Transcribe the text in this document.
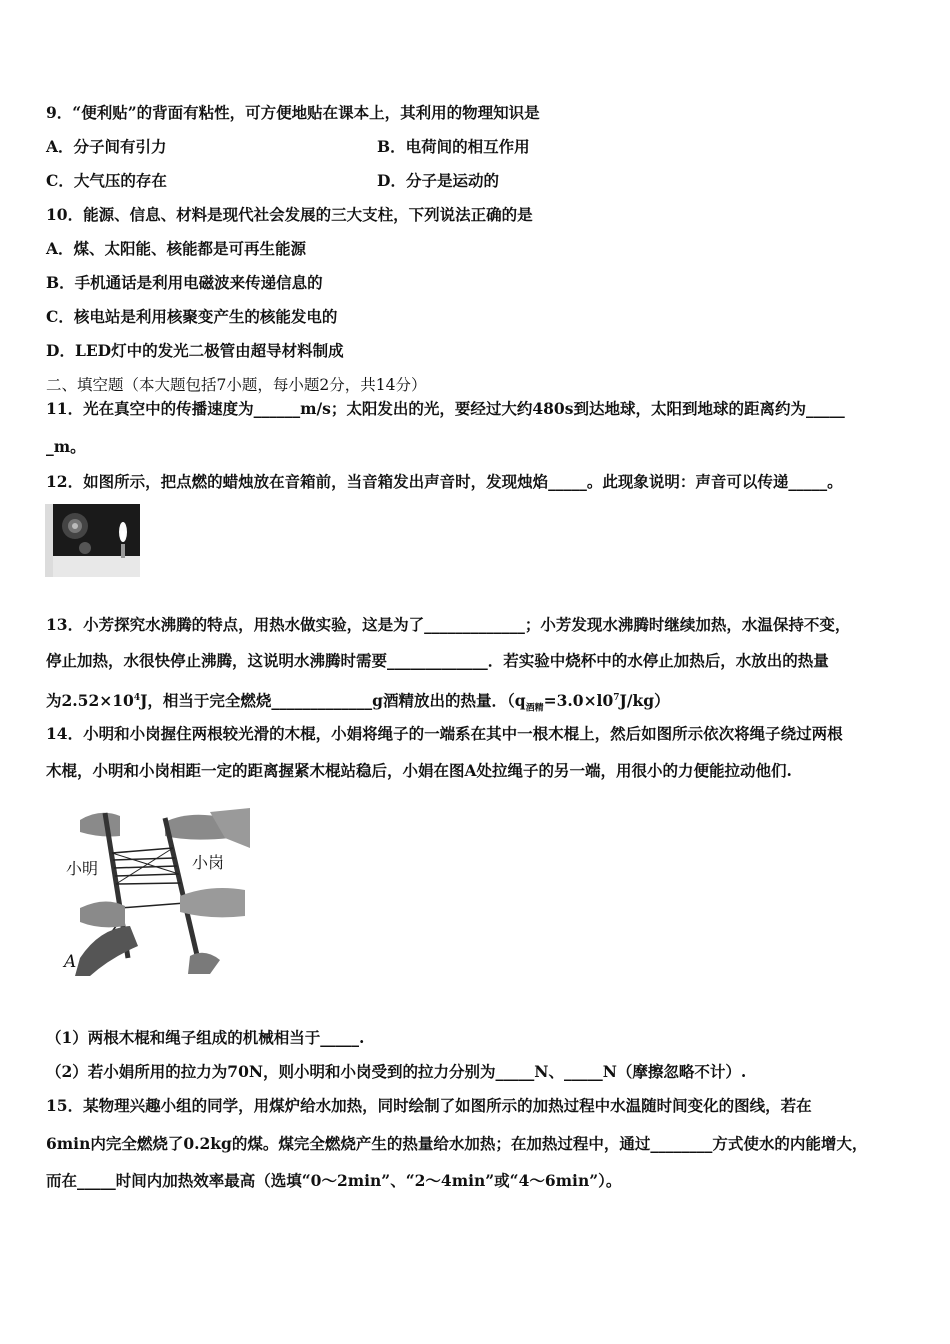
9．“便利贴”的背面有粘性，可方便地贴在课本上，其利用的物理知识是
A．分子间有引力	B．电荷间的相互作用
C．大气压的存在	D．分子是运动的
10．能源、信息、材料是现代社会发展的三大支柱，下列说法正确的是
A．煤、太阳能、核能都是可再生能源
B．手机通话是利用电磁波来传递信息的
C．核电站是利用核聚变产生的核能发电的
D．LED灯中的发光二极管由超导材料制成
二、填空题（本大题包括7小题，每小题2分，共14分）
11．光在真空中的传播速度为______m/s；太阳发出的光，要经过大约480s到达地球，太阳到地球的距离约为_____
_m。
12．如图所示，把点燃的蜡烛放在音箱前，当音箱发出声音时，发现烛焰_____。此现象说明：声音可以传递_____。
13．小芳探究水沸腾的特点，用热水做实验，这是为了_____________；小芳发现水沸腾时继续加热，水温保持不变，
停止加热，水很快停止沸腾，这说明水沸腾时需要_____________．若实验中烧杯中的水停止加热后，水放出的热量
为$2.52\times 10^4J$，相当于完全燃烧_____________g酒精放出的热量．$(q_{酒精}=3.0\times l0^7J/kg)$
14．小明和小岗握住两根较光滑的木棍，小娟将绳子的一端系在其中一根木棍上，然后如图所示依次将绳子绕过两根
木棍，小明和小岗相距一定的距离握紧木棍站稳后，小娟在图A处拉绳子的另一端，用很小的力便能拉动他们.
小明	小岗
A
（1）两根木棍和绳子组成的机械相当于_____.
（2）若小娟所用的拉力为70N，则小明和小岗受到的拉力分别为_____N、_____N（摩擦忽略不计）.
15．某物理兴趣小组的同学，用煤炉给水加热，同时绘制了如图所示的加热过程中水温随时间变化的图线，若在
6min内完全燃烧了0.2kg的煤。煤完全燃烧产生的热量给水加热；在加热过程中，通过________方式使水的内能增大，
而在_____时间内加热效率最高（选填“0～2min”、“2～4min”或“4～6min”）。
